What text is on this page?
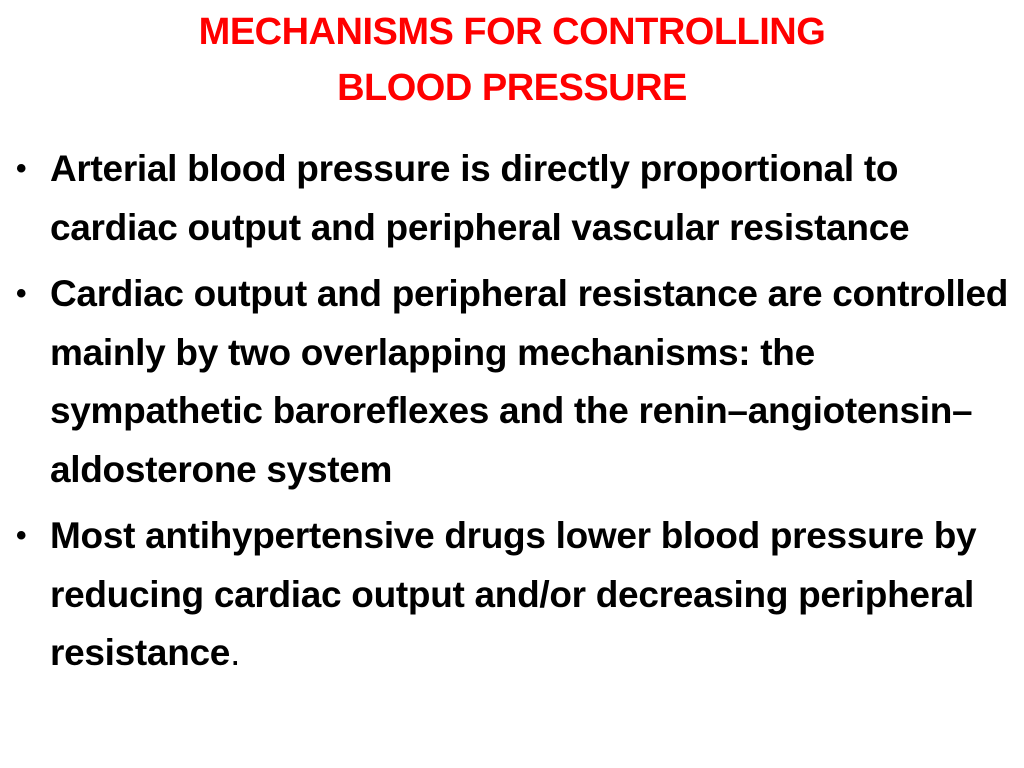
MECHANISMS FOR CONTROLLING
BLOOD PRESSURE
• Arterial blood pressure is directly proportional to cardiac output and peripheral vascular resistance
• Cardiac output and peripheral resistance are controlled mainly by two overlapping mechanisms: the sympathetic baroreflexes and the renin–angiotensin–aldosterone system
• Most antihypertensive drugs lower blood pressure by reducing cardiac output and/or decreasing peripheral resistance.
